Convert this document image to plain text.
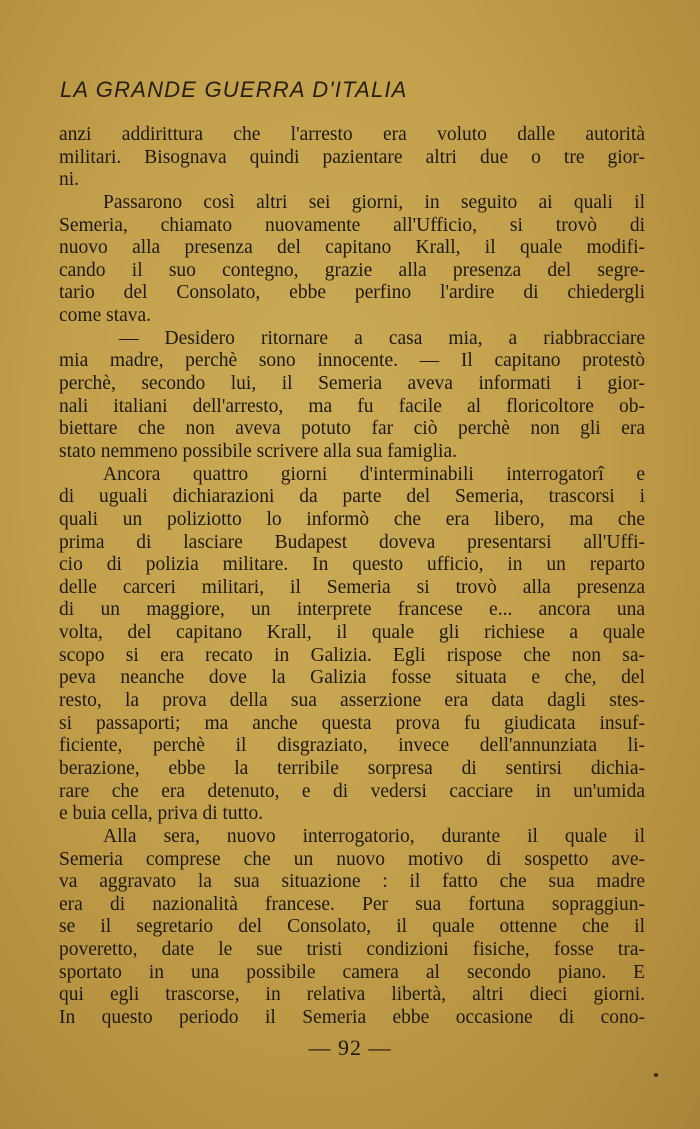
LA GRANDE GUERRA D'ITALIA
anzi addirittura che l'arresto era voluto dalle autorità
militari. Bisognava quindi pazientare altri due o tre gior-
ni.
Passarono così altri sei giorni, in seguito ai quali il
Semeria, chiamato nuovamente all'Ufficio, si trovò di
nuovo alla presenza del capitano Krall, il quale modifi-
cando il suo contegno, grazie alla presenza del segre-
tario del Consolato, ebbe perfino l'ardire di chiedergli
come stava.
— Desidero ritornare a casa mia, a riabbracciare
mia madre, perchè sono innocente. — Il capitano protestò
perchè, secondo lui, il Semeria aveva informati i gior-
nali italiani dell'arresto, ma fu facile al floricoltore ob-
biettare che non aveva potuto far ciò perchè non gli era
stato nemmeno possibile scrivere alla sua famiglia.
Ancora quattro giorni d'interminabili interrogatorî e
di uguali dichiarazioni da parte del Semeria, trascorsi i
quali un poliziotto lo informò che era libero, ma che
prima di lasciare Budapest doveva presentarsi all'Uffi-
cio di polizia militare. In questo ufficio, in un reparto
delle carceri militari, il Semeria si trovò alla presenza
di un maggiore, un interprete francese e... ancora una
volta, del capitano Krall, il quale gli richiese a quale
scopo si era recato in Galizia. Egli rispose che non sa-
peva neanche dove la Galizia fosse situata e che, del
resto, la prova della sua asserzione era data dagli stes-
si passaporti; ma anche questa prova fu giudicata insuf-
ficiente, perchè il disgraziato, invece dell'annunziata li-
berazione, ebbe la terribile sorpresa di sentirsi dichia-
rare che era detenuto, e di vedersi cacciare in un'umida
e buia cella, priva di tutto.
Alla sera, nuovo interrogatorio, durante il quale il
Semeria comprese che un nuovo motivo di sospetto ave-
va aggravato la sua situazione : il fatto che sua madre
era di nazionalità francese. Per sua fortuna sopraggiun-
se il segretario del Consolato, il quale ottenne che il
poveretto, date le sue tristi condizioni fisiche, fosse tra-
sportato in una possibile camera al secondo piano. E
qui egli trascorse, in relativa libertà, altri dieci giorni.
In questo periodo il Semeria ebbe occasione di cono-
— 92 —
